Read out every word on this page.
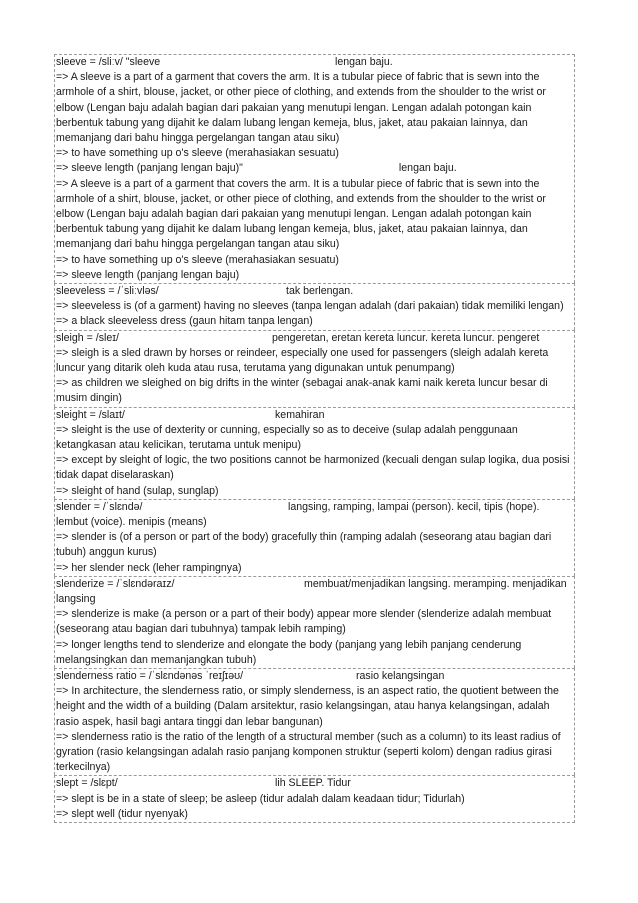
sleeve = /sliːv/ "sleeve	lengan baju.
=> A sleeve is a part of a garment that covers the arm. It is a tubular piece of fabric that is sewn into the armhole of a shirt, blouse, jacket, or other piece of clothing, and extends from the shoulder to the wrist or elbow (Lengan baju adalah bagian dari pakaian yang menutupi lengan. Lengan adalah potongan kain berbentuk tabung yang dijahit ke dalam lubang lengan kemeja, blus, jaket, atau pakaian lainnya, dan memanjang dari bahu hingga pergelangan tangan atau siku)
=> to have something up o's sleeve (merahasiakan sesuatu)
=> sleeve length (panjang lengan baju)"                                                     lengan baju.
=> A sleeve is a part of a garment that covers the arm. It is a tubular piece of fabric that is sewn into the armhole of a shirt, blouse, jacket, or other piece of clothing, and extends from the shoulder to the wrist or elbow (Lengan baju adalah bagian dari pakaian yang menutupi lengan. Lengan adalah potongan kain berbentuk tabung yang dijahit ke dalam lubang lengan kemeja, blus, jaket, atau pakaian lainnya, dan memanjang dari bahu hingga pergelangan tangan atau siku)
=> to have something up o's sleeve (merahasiakan sesuatu)
=> sleeve length (panjang lengan baju)
sleeveless = /ˈsliːvləs/	tak berlengan.
=> sleeveless is (of a garment) having no sleeves (tanpa lengan adalah (dari pakaian) tidak memiliki lengan)
=> a black sleeveless dress (gaun hitam tanpa lengan)
sleigh = /sleɪ/	pengeretan, eretan kereta luncur. kereta luncur. pengeret
=> sleigh is a sled drawn by horses or reindeer, especially one used for passengers (sleigh adalah kereta luncur yang ditarik oleh kuda atau rusa, terutama yang digunakan untuk penumpang)
=> as children we sleighed on big drifts in the winter (sebagai anak-anak kami naik kereta luncur besar di musim dingin)
sleight = /slaɪt/	kemahiran
=> sleight is the use of dexterity or cunning, especially so as to deceive (sulap adalah penggunaan ketangkasan atau kelicikan, terutama untuk menipu)
=> except by sleight of logic, the two positions cannot be harmonized (kecuali dengan sulap logika, dua posisi tidak dapat diselaraskan)
=> sleight of hand (sulap, sunglap)
slender = /ˈslɛndə/	langsing, ramping, lampai (person). kecil, tipis (hope).
lembut (voice). menipis (means)
=> slender is (of a person or part of the body) gracefully thin (ramping adalah (seseorang atau bagian dari tubuh) anggun kurus)
=> her slender neck (leher rampingnya)
slenderize = /ˈslɛndəraɪz/	membuat/menjadikan langsing. meramping. menjadikan
langsing
=> slenderize is make (a person or a part of their body) appear more slender (slenderize adalah membuat (seseorang atau bagian dari tubuhnya) tampak lebih ramping)
=> longer lengths tend to slenderize and elongate the body (panjang yang lebih panjang cenderung melangsingkan dan memanjangkan tubuh)
slenderness ratio = /ˈslɛndənəs ˈreɪʃɪəʊ/	rasio kelangsingan
=> In architecture, the slenderness ratio, or simply slenderness, is an aspect ratio, the quotient between the height and the width of a building (Dalam arsitektur, rasio kelangsingan, atau hanya kelangsingan, adalah rasio aspek, hasil bagi antara tinggi dan lebar bangunan)
=> slenderness ratio is the ratio of the length of a structural member (such as a column) to its least radius of gyration (rasio kelangsingan adalah rasio panjang komponen struktur (seperti kolom) dengan radius girasi terkecilnya)
slept = /slɛpt/	lih SLEEP. Tidur
=> slept is be in a state of sleep; be asleep (tidur adalah dalam keadaan tidur; Tidurlah)
=> slept well (tidur nyenyak)
